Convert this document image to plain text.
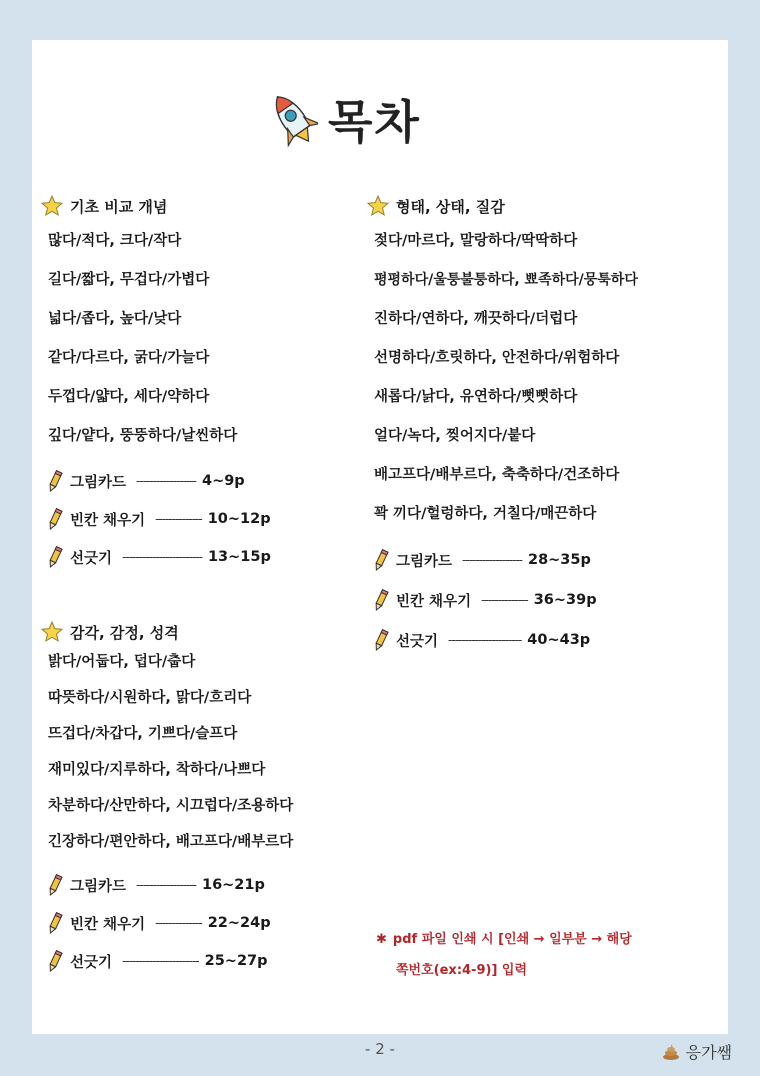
목차
기초 비교 개념
많다/적다, 크다/작다
길다/짧다, 무겁다/가볍다
넓다/좁다, 높다/낮다
같다/다르다, 굵다/가늘다
두껍다/얇다, 세다/약하다
깊다/얕다, 뚱뚱하다/날씬하다
그림카드 ------------------ 4~9p
빈칸 채우기 -------------- 10~12p
선긋기 ------------------------ 13~15p
감각, 감정, 성격
밝다/어둡다, 덥다/춥다
따뜻하다/시원하다, 맑다/흐리다
뜨겁다/차갑다, 기쁘다/슬프다
재미있다/지루하다, 착하다/나쁘다
차분하다/산만하다, 시끄럽다/조용하다
긴장하다/편안하다, 배고프다/배부르다
그림카드 ------------------ 16~21p
빈칸 채우기 -------------- 22~24p
선긋기 ----------------------- 25~27p
형태, 상태, 질감
젖다/마르다, 말랑하다/딱딱하다
평평하다/울퉁불퉁하다, 뾰족하다/뭉툭하다
진하다/연하다, 깨끗하다/더럽다
선명하다/흐릿하다, 안전하다/위험하다
새롭다/낡다, 유연하다/뻣뻣하다
얼다/녹다, 찢어지다/붙다
배고프다/배부르다, 축축하다/건조하다
꽉 끼다/헐렁하다, 거칠다/매끈하다
그림카드 ------------------ 28~35p
빈칸 채우기 -------------- 36~39p
선긋기 ---------------------- 40~43p
✱ pdf 파일 인쇄 시 [인쇄 → 일부분 → 해당
쪽번호(ex:4-9)] 입력
- 2 -	응가쌤
